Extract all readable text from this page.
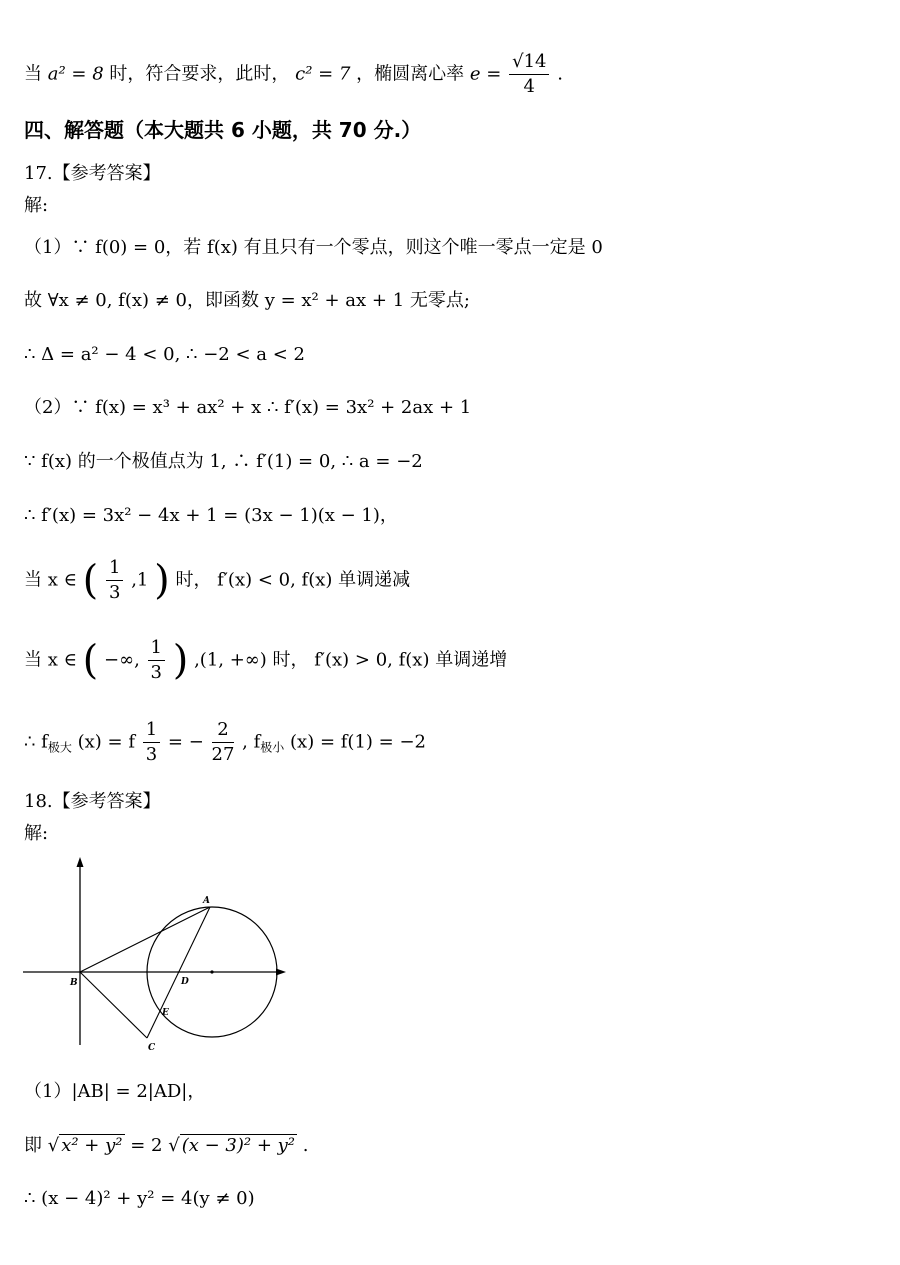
当 a² = 8 时，符合要求，此时， c² = 7 ，椭圆离心率 $e = \frac{√14}{4}$ .
四、解答题（本大题共 6 小题，共 70 分.）
17.【参考答案】
解:
（1）∵ f(0) = 0，若 f(x) 有且只有一个零点，则这个唯一零点一定是 0
故 ∀x ≠ 0, f(x) ≠ 0，即函数 y = x² + ax + 1 无零点;
∴ Δ = a² − 4 < 0, ∴ −2 < a < 2
（2）∵ f(x) = x³ + ax² + x ∴ f′(x) = 3x² + 2ax + 1
∵ f(x) 的一个极值点为 1, ∴ f′(1) = 0, ∴ a = −2
∴ f′(x) = 3x² − 4x + 1 = (3x − 1)(x − 1)，
当 x ∈ ( $\frac{1}{3} ,1$ ) 时， f′(x) < 0, f(x) 单调递减
当 x ∈ ( −∞, $\frac{1}{3}$ ) ,(1, +∞) 时， f′(x) > 0, f(x) 单调递增
∴ $f_{极大}$ (x) = f $\frac{1}{3}$ = − $\frac{2}{27}$ , $f_{极小}$ (x) = f(1) = −2
18.【参考答案】
解:
A
B	D
E
C
（1）|AB| = 2|AD|，
即 √ x² + y² = 2 √ (x − 3)² + y² .
∴ (x − 4)² + y² = 4(y ≠ 0)
